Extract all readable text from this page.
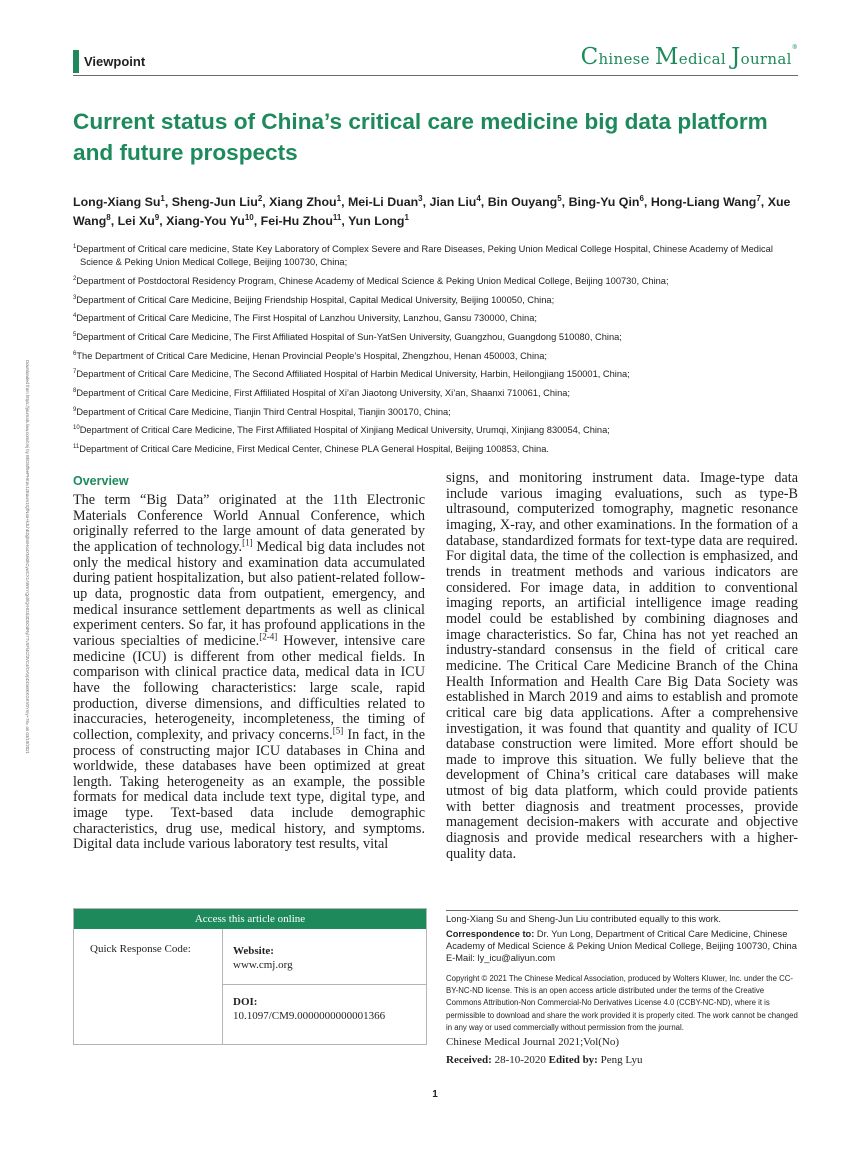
Viewpoint	Chinese Medical Journal®
Current status of China’s critical care medicine big data platform and future prospects
Long-Xiang Su$^1$, Sheng-Jun Liu$^2$, Xiang Zhou$^1$, Mei-Li Duan$^3$, Jian Liu$^4$, Bin Ouyang$^5$, Bing-Yu Qin$^6$, Hong-Liang Wang$^7$, Xue Wang$^8$, Lei Xu$^9$, Xiang-You Yu$^{10}$, Fei-Hu Zhou$^{11}$, Yun Long$^1$
$^1$Department of Critical care medicine, State Key Laboratory of Complex Severe and Rare Diseases, Peking Union Medical College Hospital, Chinese Academy of Medical Science & Peking Union Medical College, Beijing 100730, China;
$^2$Department of Postdoctoral Residency Program, Chinese Academy of Medical Science & Peking Union Medical College, Beijing 100730, China;
$^3$Department of Critical Care Medicine, Beijing Friendship Hospital, Capital Medical University, Beijing 100050, China;
$^4$Department of Critical Care Medicine, The First Hospital of Lanzhou University, Lanzhou, Gansu 730000, China;
$^5$Department of Critical Care Medicine, The First Affiliated Hospital of Sun-YatSen University, Guangzhou, Guangdong 510080, China;
$^6$The Department of Critical Care Medicine, Henan Provincial People’s Hospital, Zhengzhou, Henan 450003, China;
$^7$Department of Critical Care Medicine, The Second Affiliated Hospital of Harbin Medical University, Harbin, Heilongjiang 150001, China;
$^8$Department of Critical Care Medicine, First Affiliated Hospital of Xi’an Jiaotong University, Xi’an, Shaanxi 710061, China;
$^9$Department of Critical Care Medicine, Tianjin Third Central Hospital, Tianjin 300170, China;
$^{10}$Department of Critical Care Medicine, The First Affiliated Hospital of Xinjiang Medical University, Urumqi, Xinjiang 830054, China;
$^{11}$Department of Critical Care Medicine, First Medical Center, Chinese PLA General Hospital, Beijing 100853, China.
Downloaded from https://journals.lww.com/cmj by BhDMf5ePHKav1zEoum1tQfN4a+kJLhEZgbsIHo4XMi0hCywCX1AWnYQp/IlQrHD3i3D0OdRyi7TvSFl4Cf3VC4/OAVpDDa8KKGKV0Ymy+78= on 03/19/2021	Overview

The term “Big Data” originated at the 11th Electronic Materials Conference World Annual Conference, which originally referred to the large amount of data generated by the application of technology.[1] Medical big data includes not only the medical history and examination data accumulated during patient hospitalization, but also patient-related follow-up data, prognostic data from outpatient, emergency, and medical insurance settlement departments as well as clinical experiment centers. So far, it has profound applications in the various specialties of medicine.[2-4] However, intensive care medicine (ICU) is different from other medical fields. In comparison with clinical practice data, medical data in ICU have the following characteristics: large scale, rapid production, diverse dimensions, and difficulties related to inaccuracies, heterogeneity, incompleteness, the timing of collection, complexity, and privacy concerns.[5] In fact, in the process of constructing major ICU databases in China and worldwide, these databases have been optimized at great length. Taking heterogeneity as an example, the possible formats for medical data include text type, digital type, and image type. Text-based data include demographic characteristics, drug use, medical history, and symptoms. Digital data include various laboratory test results, vital

signs, and monitoring instrument data. Image-type data include various imaging evaluations, such as type-B ultrasound, computerized tomography, magnetic resonance imaging, X-ray, and other examinations. In the formation of a database, standardized formats for text-type data are required. For digital data, the time of the collection is emphasized, and trends in treatment methods and various indicators are considered. For image data, in addition to conventional imaging reports, an artificial intelligence image reading model could be established by combining diagnoses and image characteristics. So far, China has not yet reached an industry-standard consensus in the field of critical care medicine. The Critical Care Medicine Branch of the China Health Information and Health Care Big Data Society was established in March 2019 and aims to establish and promote critical care big data applications. After a comprehensive investigation, it was found that quantity and quality of ICU database construction were limited. More effort should be made to improve this situation. We fully believe that the development of China’s critical care databases will make utmost of big data platform, which could provide patients with better diagnosis and treatment processes, provide management decision-makers with accurate and objective diagnosis and provide medical researchers with a higher-quality data.

Access this article online
Quick Response Code:	Website:
www.cmj.org
DOI:
10.1097/CM9.0000000000001366
Long-Xiang Su and Sheng-Jun Liu contributed equally to this work.
Correspondence to: Dr. Yun Long, Department of Critical Care Medicine, Chinese Academy of Medical Science & Peking Union Medical College, Beijing 100730, China
E-Mail: ly_icu@aliyun.com
Copyright © 2021 The Chinese Medical Association, produced by Wolters Kluwer, Inc. under the CC-BY-NC-ND license. This is an open access article distributed under the terms of the Creative Commons Attribution-Non Commercial-No Derivatives License 4.0 (CCBY-NC-ND), where it is permissible to download and share the work provided it is properly cited. The work cannot be changed in any way or used commercially without permission from the journal.
Chinese Medical Journal 2021;Vol(No)
Received: 28-10-2020 Edited by: Peng Lyu
1
